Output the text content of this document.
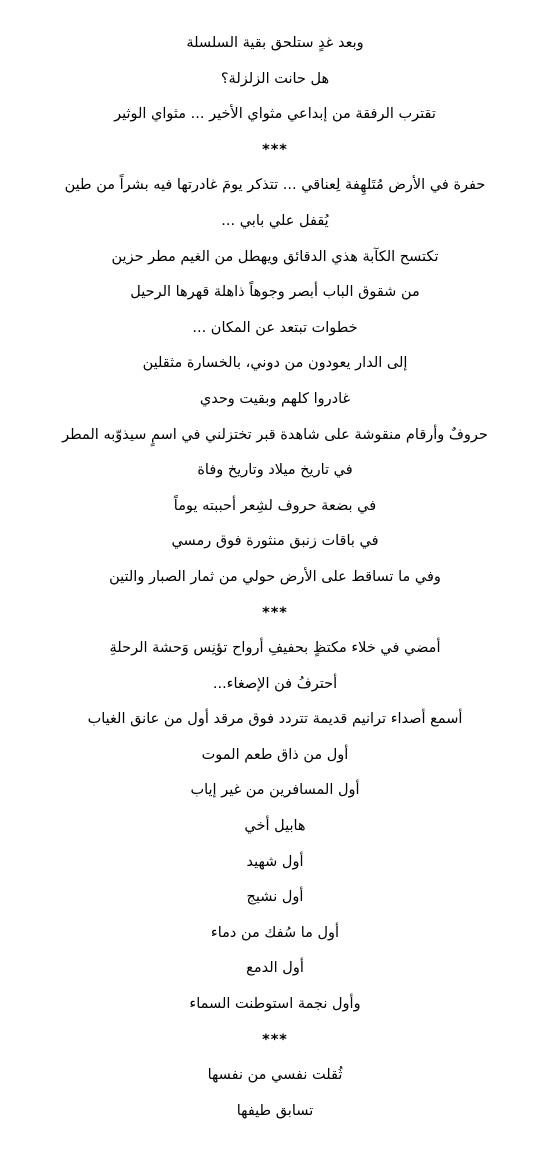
وبعد غدٍ ستلحق بقية السلسلة
هل حانت الزلزلة؟
تقترب الرفقة من إبداعي مثواي الأخير ... مثواي الوثير
***
حفرة في الأرض مُتَلهِفة لِعناقي ... تتذكر يومَ غادرتها فيه بشراً من طين
يُقفل علي بابي ...
تكتسح الكآبة هذي الدقائق ويهطل من الغيم مطر حزين
من شقوق الباب أبصر وجوهاً ذاهلة قهرها الرحيل
خطوات تبتعد عن المكان ...
إلى الدار يعودون من دوني، بالخسارة مثقلين
غادروا كلهم وبقيت وحدي
حروفٌ وأرقام منقوشة على شاهدة قبر تختزلني في اسمٍ سيذوّبه المطر
في تاريخ ميلاد وتاريخ وفاة
في بضعة حروف لشِعر أحببته يوماً
في باقات زنبق منثورة فوق رمسي
وفي ما تساقط على الأرض حولي من ثمار الصبار والتين
***
أمضي في خلاء مكتظٍ بحفيفِ أرواح تؤنِس وَحشة الرحلةِ
أحترفُ فن الإصغاء...
أسمع أصداء ترانيم قديمة تتردد فوق مرقد أول من عانق الغياب
أول من ذاق طعم الموت
أول المسافرين من غير إياب
هابيل أخي
أول شهيد
أول نشيج
أول ما سُفك من دماء
أول الدمع
وأول نجمة استوطنت السماء
***
ثُقلت نفسي من نفسها
تسابق طيفها
